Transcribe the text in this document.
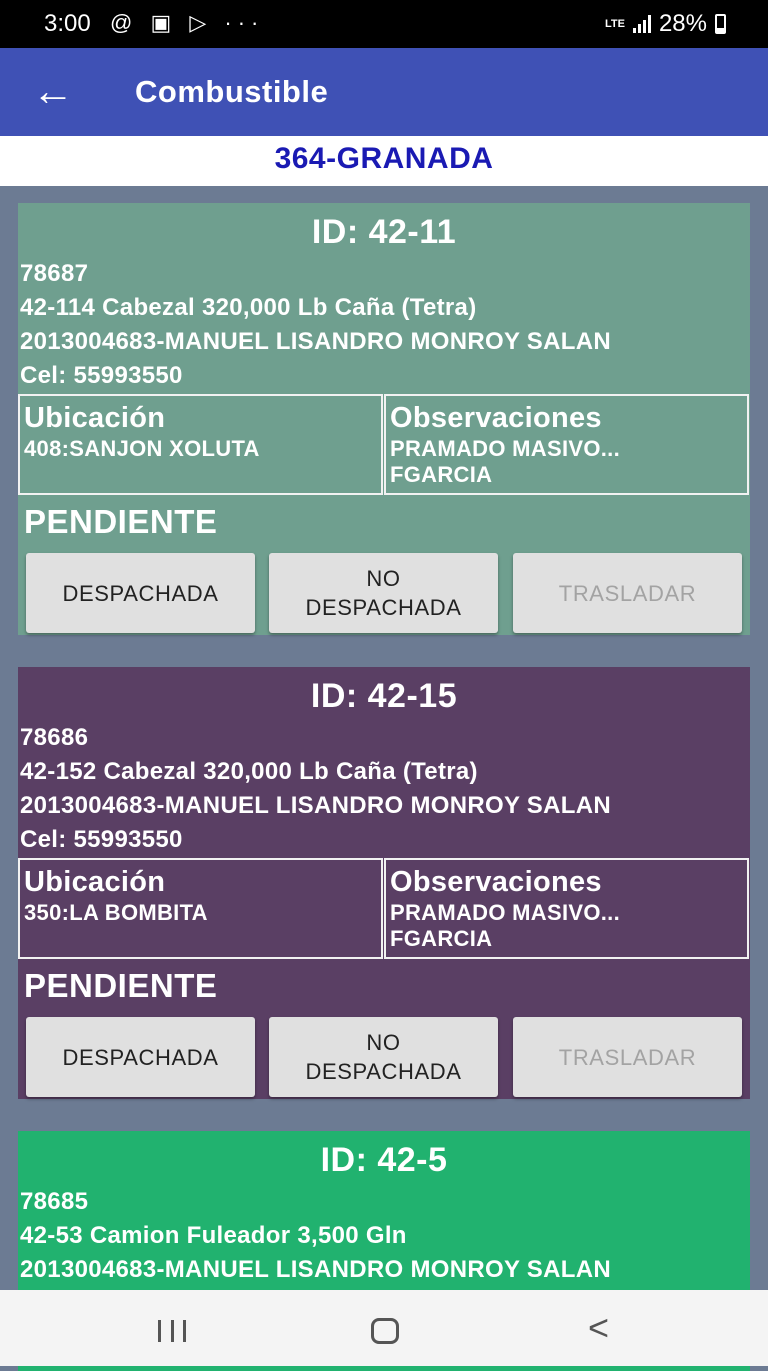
3:00 @ ▣ ▷ ···	LTE 28%
← Combustible
364-GRANADA
ID: 42-11
78687
42-114 Cabezal 320,000 Lb Caña (Tetra)
2013004683-MANUEL LISANDRO MONROY SALAN
Cel: 55993550
Ubicación
408:SANJON XOLUTA
Observaciones
PRAMADO MASIVO...
FGARCIA
PENDIENTE
DESPACHADA
NO
DESPACHADA
TRASLADAR
ID: 42-15
78686
42-152 Cabezal 320,000 Lb Caña (Tetra)
2013004683-MANUEL LISANDRO MONROY SALAN
Cel: 55993550
Ubicación
350:LA BOMBITA
Observaciones
PRAMADO MASIVO...
FGARCIA
PENDIENTE
DESPACHADA
NO
DESPACHADA
TRASLADAR
ID: 42-5
78685
42-53 Camion Fuleador 3,500 Gln
2013004683-MANUEL LISANDRO MONROY SALAN
<
